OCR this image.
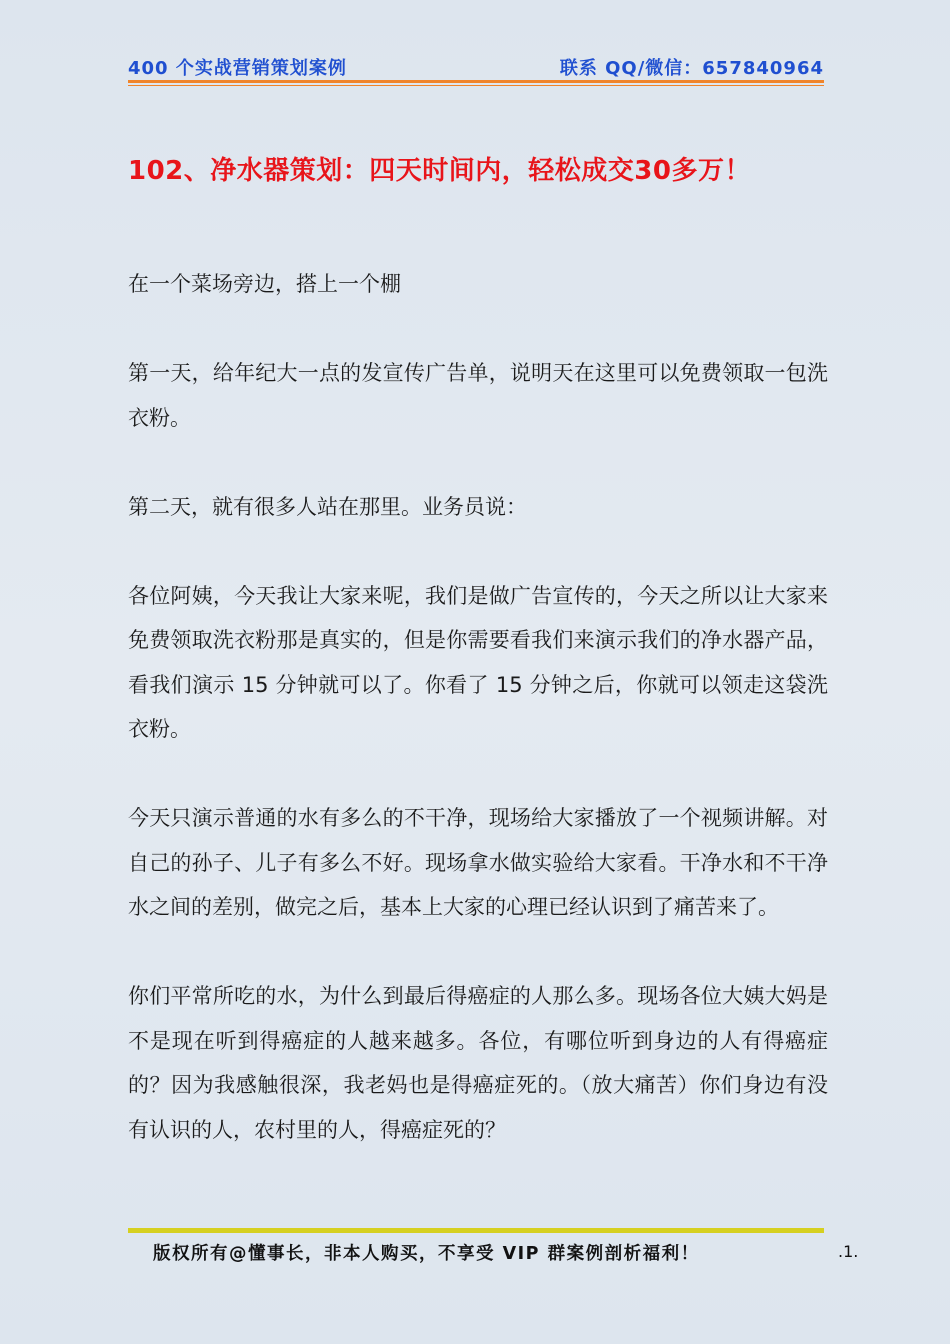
400 个实战营销策划案例	联系 QQ/微信：657840964
102、净水器策划：四天时间内，轻松成交30多万！

在一个菜场旁边，搭上一个棚

第一天，给年纪大一点的发宣传广告单，说明天在这里可以免费领取一包洗衣粉。

第二天，就有很多人站在那里。业务员说：

各位阿姨，今天我让大家来呢，我们是做广告宣传的，今天之所以让大家来免费领取洗衣粉那是真实的，但是你需要看我们来演示我们的净水器产品，看我们演示 15 分钟就可以了。你看了 15 分钟之后，你就可以领走这袋洗衣粉。

今天只演示普通的水有多么的不干净，现场给大家播放了一个视频讲解。对自己的孙子、儿子有多么不好。现场拿水做实验给大家看。干净水和不干净水之间的差别，做完之后，基本上大家的心理已经认识到了痛苦来了。

你们平常所吃的水，为什么到最后得癌症的人那么多。现场各位大姨大妈是不是现在听到得癌症的人越来越多。各位，有哪位听到身边的人有得癌症的？因为我感触很深，我老妈也是得癌症死的。（放大痛苦）你们身边有没有认识的人，农村里的人，得癌症死的？

版权所有@懂事长，非本人购买，不享受 VIP 群案例剖析福利！	.1.
